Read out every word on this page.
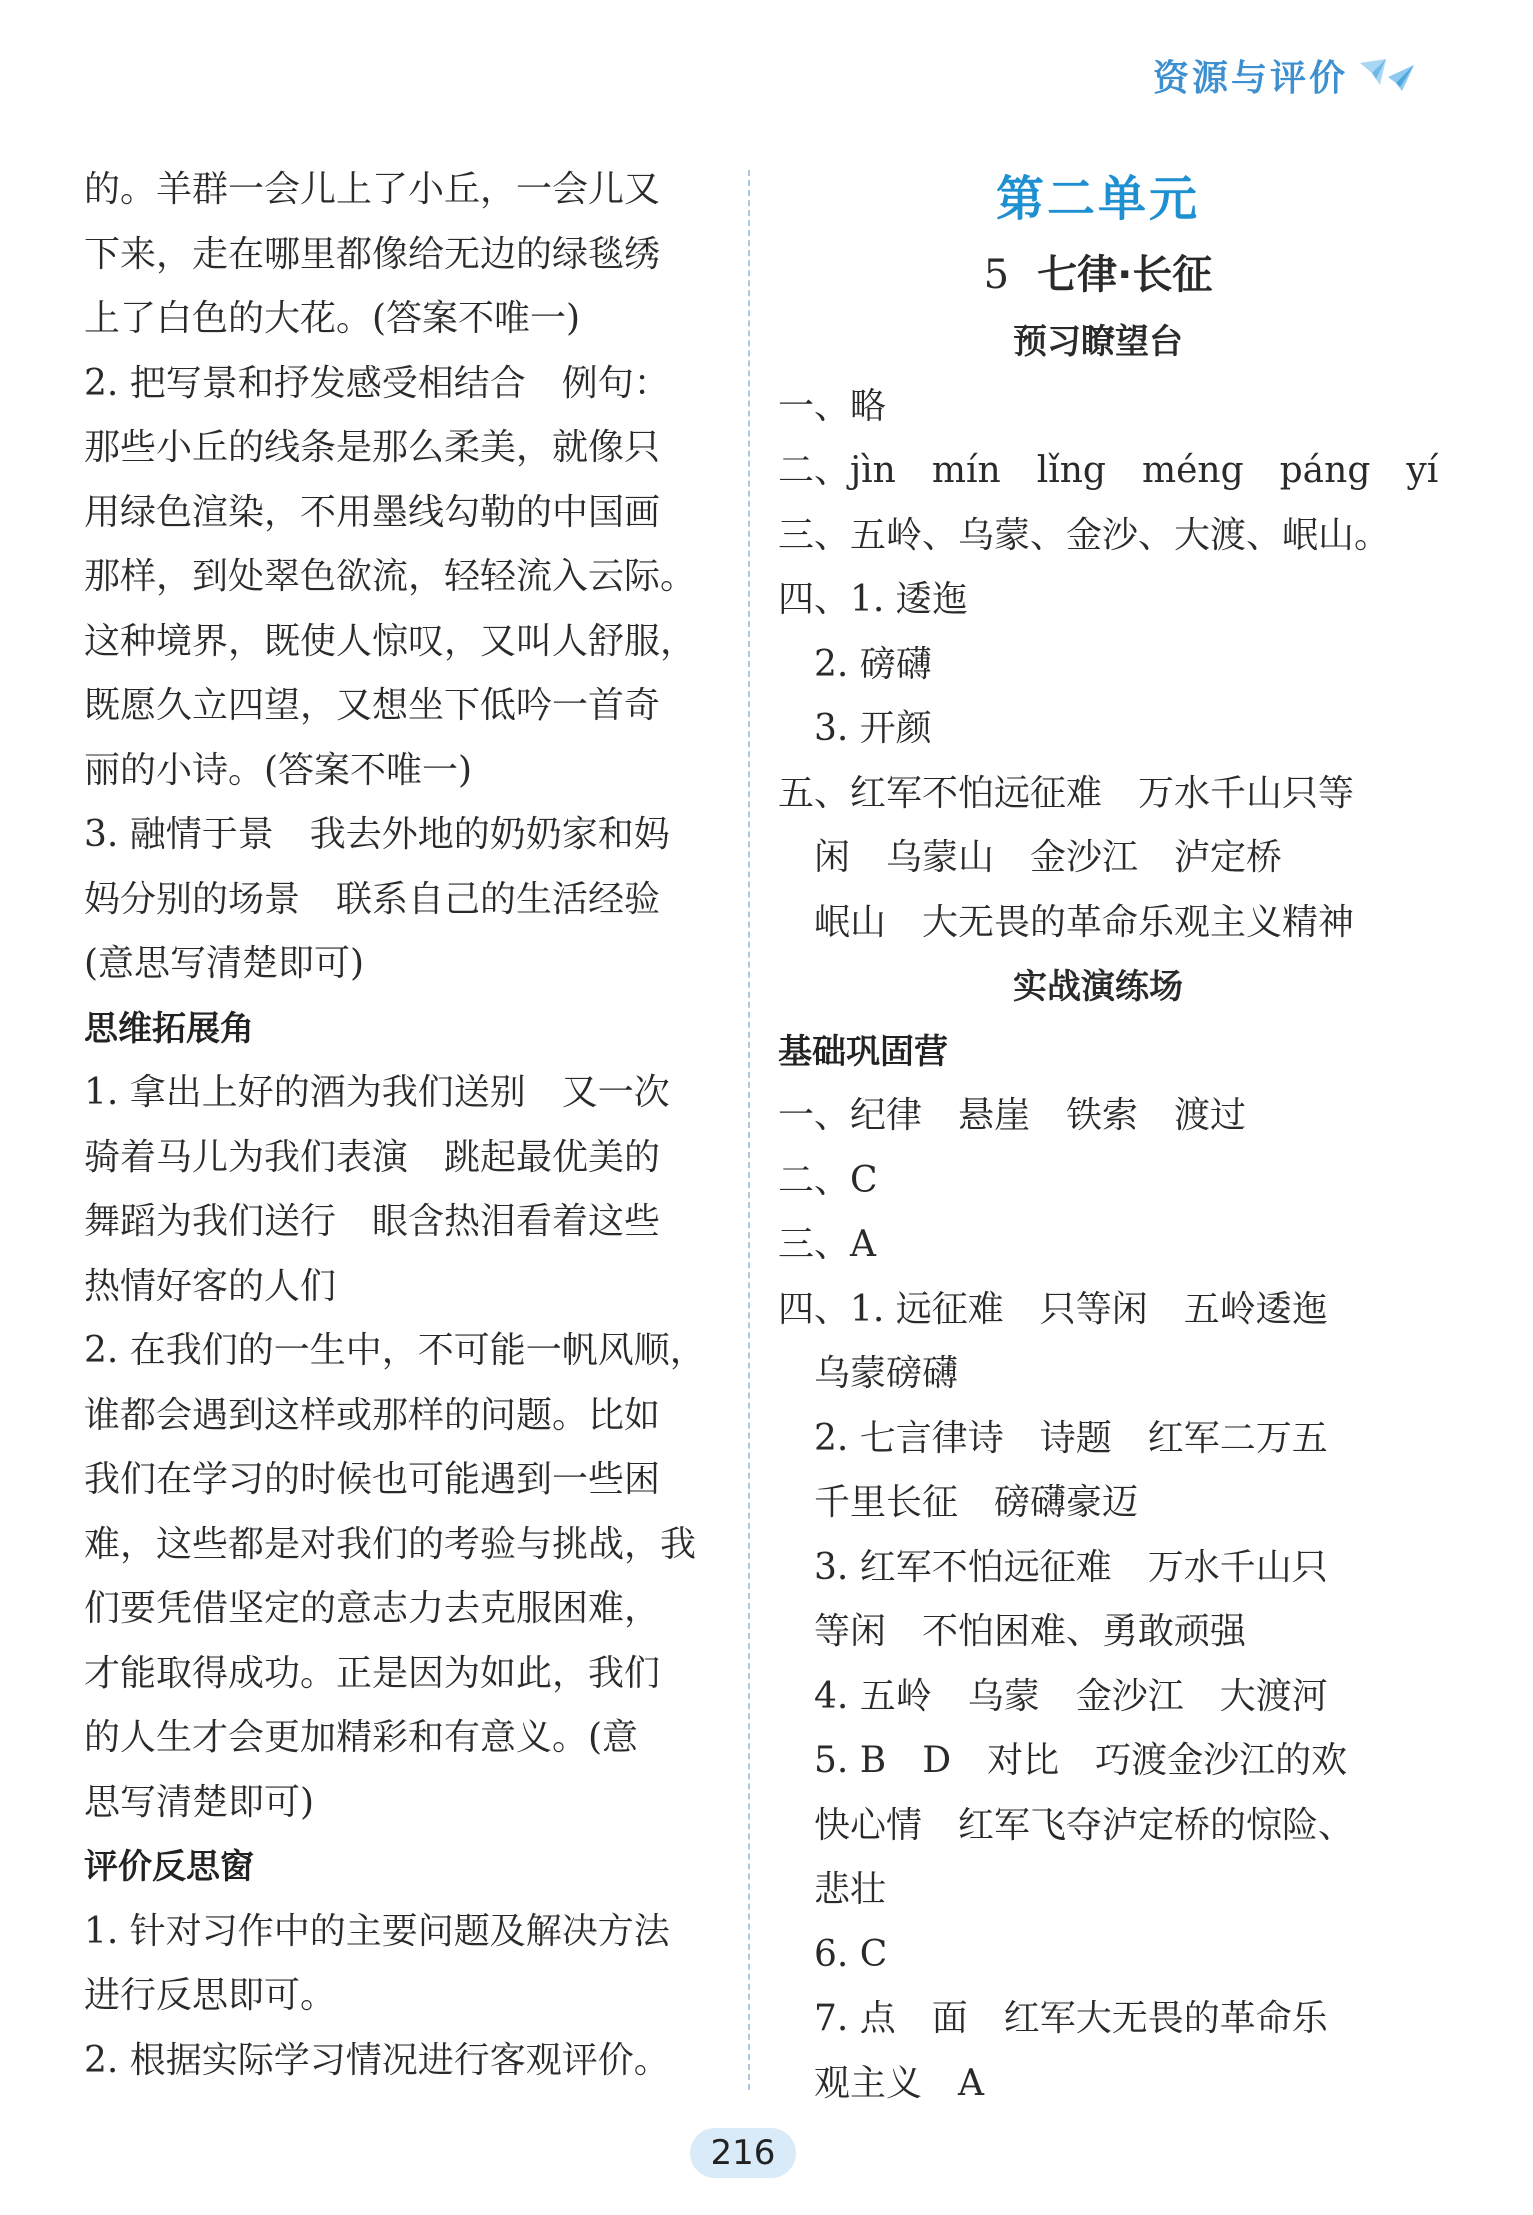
资源与评价

的。羊群一会儿上了小丘，一会儿又
下来，走在哪里都像给无边的绿毯绣
上了白色的大花。(答案不唯一)

2. 把写景和抒发感受相结合　例句：
那些小丘的线条是那么柔美，就像只
用绿色渲染，不用墨线勾勒的中国画
那样，到处翠色欲流，轻轻流入云际。
这种境界，既使人惊叹，又叫人舒服，
既愿久立四望，又想坐下低吟一首奇
丽的小诗。(答案不唯一)

3. 融情于景　我去外地的奶奶家和妈
妈分别的场景　联系自己的生活经验
(意思写清楚即可)

思维拓展角

1. 拿出上好的酒为我们送别　又一次
骑着马儿为我们表演　跳起最优美的
舞蹈为我们送行　眼含热泪看着这些
热情好客的人们

2. 在我们的一生中，不可能一帆风顺，
谁都会遇到这样或那样的问题。比如
我们在学习的时候也可能遇到一些困
难，这些都是对我们的考验与挑战，我
们要凭借坚定的意志力去克服困难，
才能取得成功。正是因为如此，我们
的人生才会更加精彩和有意义。(意
思写清楚即可)

评价反思窗

1. 针对习作中的主要问题及解决方法
进行反思即可。

2. 根据实际学习情况进行客观评价。

第二单元
5 七律·长征

预习瞭望台

一、略

二、jìn　mín　lǐng　méng　páng　yí

三、五岭、乌蒙、金沙、大渡、岷山。

四、1. 逶迤

2. 磅礴

3. 开颜

五、红军不怕远征难　万水千山只等
闲　乌蒙山　金沙江　泸定桥
岷山　大无畏的革命乐观主义精神

实战演练场

基础巩固营

一、纪律　悬崖　铁索　渡过

二、C

三、A

四、1. 远征难　只等闲　五岭逶迤
乌蒙磅礴

2. 七言律诗　诗题　红军二万五
千里长征　磅礴豪迈

3. 红军不怕远征难　万水千山只
等闲　不怕困难、勇敢顽强

4. 五岭　乌蒙　金沙江　大渡河

5. B　D　对比　巧渡金沙江的欢
快心情　红军飞夺泸定桥的惊险、
悲壮

6. C

7. 点　面　红军大无畏的革命乐
观主义　A

216
